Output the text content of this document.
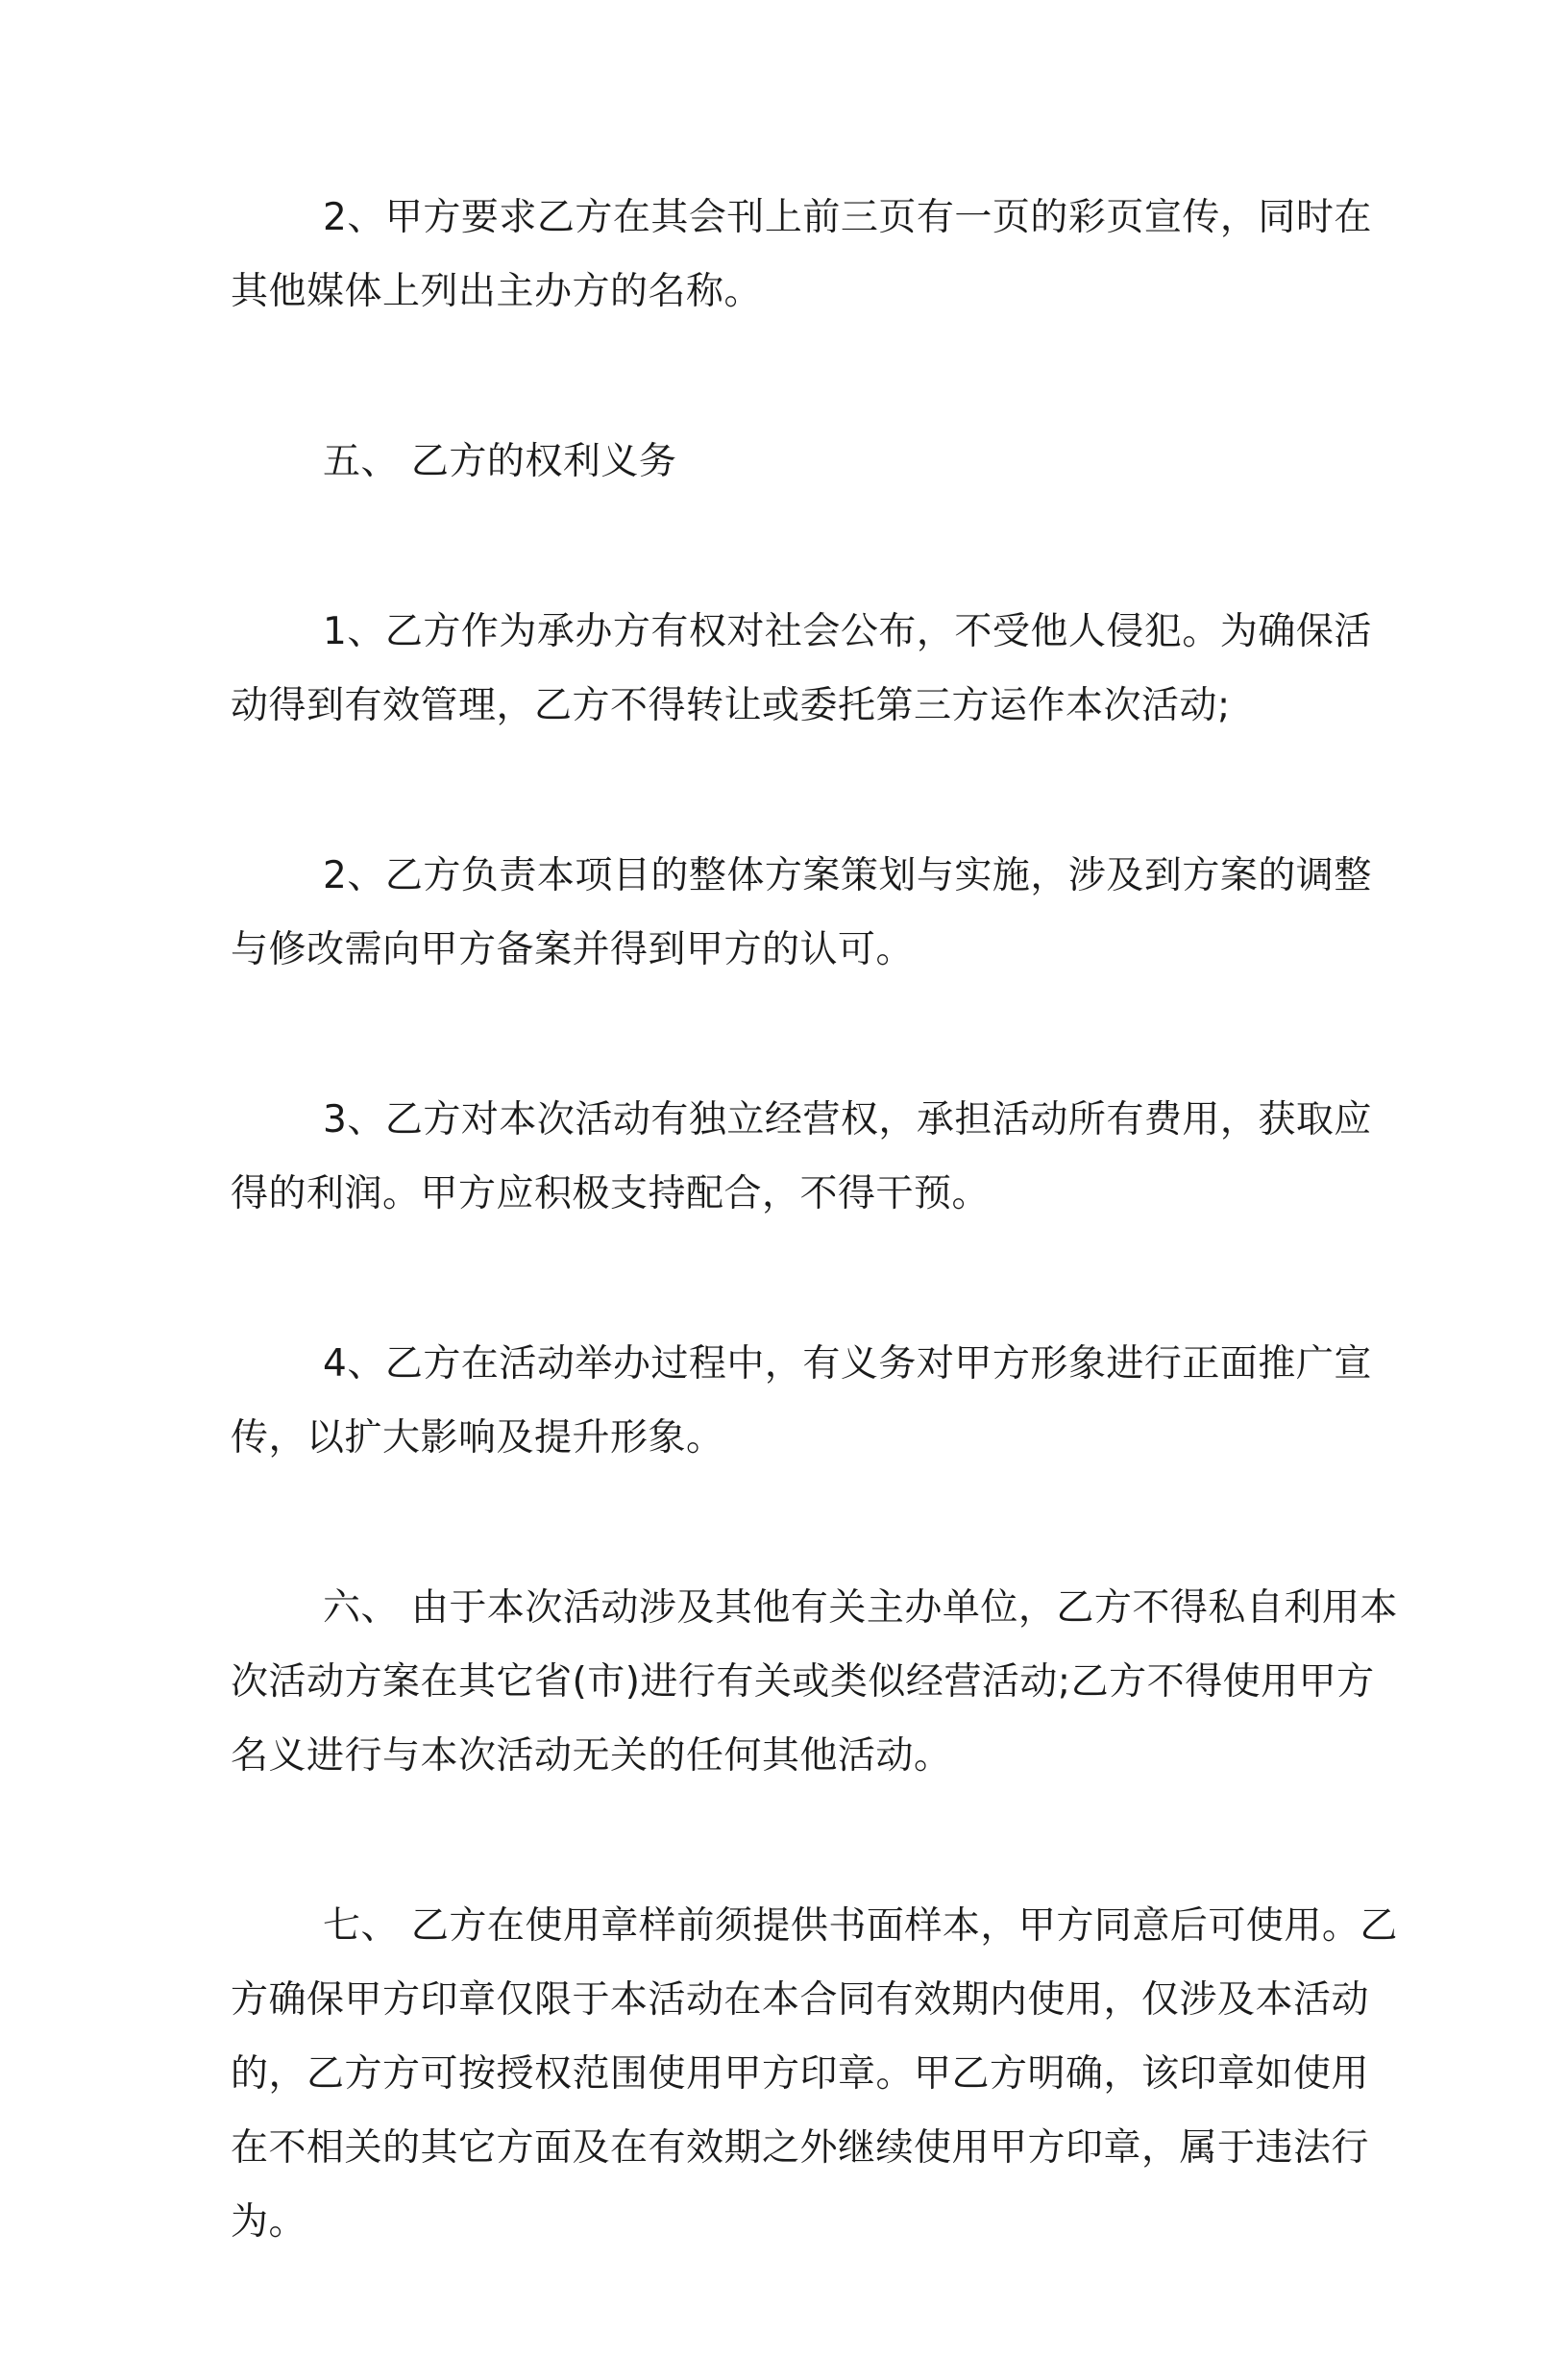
2、甲方要求乙方在其会刊上前三页有一页的彩页宣传，同时在
其他媒体上列出主办方的名称。

五、 乙方的权利义务

1、乙方作为承办方有权对社会公布，不受他人侵犯。为确保活
动得到有效管理，乙方不得转让或委托第三方运作本次活动;

2、乙方负责本项目的整体方案策划与实施，涉及到方案的调整
与修改需向甲方备案并得到甲方的认可。

3、乙方对本次活动有独立经营权，承担活动所有费用，获取应
得的利润。甲方应积极支持配合，不得干预。

4、乙方在活动举办过程中，有义务对甲方形象进行正面推广宣
传，以扩大影响及提升形象。

六、 由于本次活动涉及其他有关主办单位，乙方不得私自利用本
次活动方案在其它省(市)进行有关或类似经营活动;乙方不得使用甲方
名义进行与本次活动无关的任何其他活动。

七、 乙方在使用章样前须提供书面样本，甲方同意后可使用。乙
方确保甲方印章仅限于本活动在本合同有效期内使用，仅涉及本活动
的，乙方方可按授权范围使用甲方印章。甲乙方明确，该印章如使用
在不相关的其它方面及在有效期之外继续使用甲方印章，属于违法行
为。
